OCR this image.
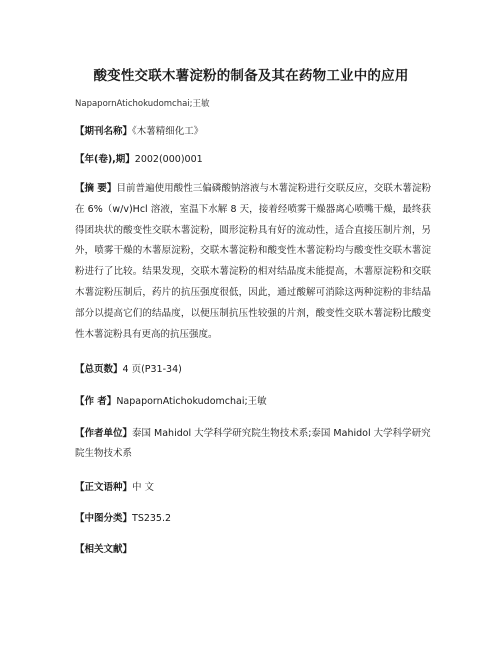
酸变性交联木薯淀粉的制备及其在药物工业中的应用
NapapornAtichokudomchai;王敏
【期刊名称】《木薯精细化工》
【年(卷),期】2002(000)001
【摘 要】目前普遍使用酸性三偏磷酸钠溶液与木薯淀粉进行交联反应，交联木薯淀粉在 6%（w/v)Hcl 溶液，室温下水解 8 天，接着经喷雾干燥器离心喷嘴干燥，最终获得团块状的酸变性交联木薯淀粉，圆形淀粉具有好的流动性，适合直接压制片剂，另外，喷雾干燥的木薯原淀粉，交联木薯淀粉和酸变性木薯淀粉均与酸变性交联木薯淀粉进行了比较。结果发现，交联木薯淀粉的相对结晶度未能提高，木薯原淀粉和交联木薯淀粉压制后，药片的抗压强度很低，因此，通过酸解可消除这两种淀粉的非结晶部分以提高它们的结晶度，以便压制抗压性较强的片剂，酸变性交联木薯淀粉比酸变性木薯淀粉具有更高的抗压强度。
【总页数】4 页(P31-34)
【作 者】NapapornAtichokudomchai;王敏
【作者单位】泰国 Mahidol 大学科学研究院生物技术系;泰国 Mahidol 大学科学研究院生物技术系
【正文语种】中 文
【中图分类】TS235.2
【相关文献】
